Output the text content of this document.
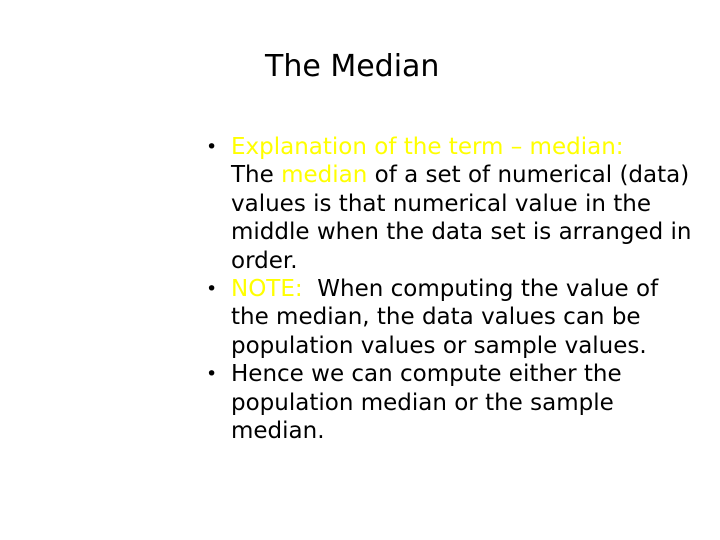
The Median
• Explanation of the term – median:
The median of a set of numerical (data) values is that numerical value in the middle when the data set is arranged in order.
• NOTE: When computing the value of the median, the data values can be population values or sample values.
• Hence we can compute either the population median or the sample median.
